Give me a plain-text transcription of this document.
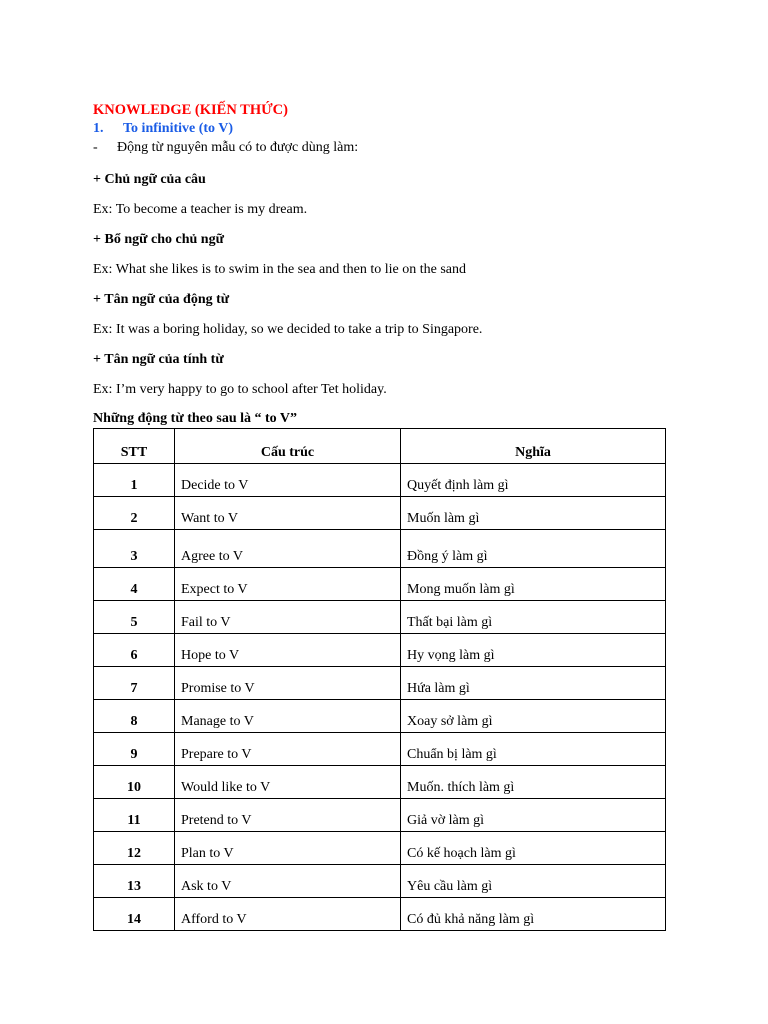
KNOWLEDGE (KIẾN THỨC)

1. To infinitive (to V)

- Động từ nguyên mẫu có to được dùng làm:

+ Chủ ngữ của câu

Ex: To become a teacher is my dream.

+ Bổ ngữ cho chủ ngữ

Ex: What she likes is to swim in the sea and then to lie on the sand

+ Tân ngữ của động từ

Ex: It was a boring holiday, so we decided to take a trip to Singapore.

+ Tân ngữ của tính từ

Ex: I’m very happy to go to school after Tet holiday.

Những động từ theo sau là “ to V”

STT	Cấu trúc	Nghĩa
1	Decide to V	Quyết định làm gì
2	Want to V	Muốn làm gì
3	Agree to V	Đồng ý làm gì
4	Expect to V	Mong muốn làm gì
5	Fail to V	Thất bại làm gì
6	Hope to V	Hy vọng làm gì
7	Promise to V	Hứa làm gì
8	Manage to V	Xoay sở làm gì
9	Prepare to V	Chuẩn bị làm gì
10	Would like to V	Muốn. thích làm gì
11	Pretend to V	Giả vờ làm gì
12	Plan to V	Có kế hoạch làm gì
13	Ask to V	Yêu cầu làm gì
14	Afford to V	Có đủ khả năng làm gì
